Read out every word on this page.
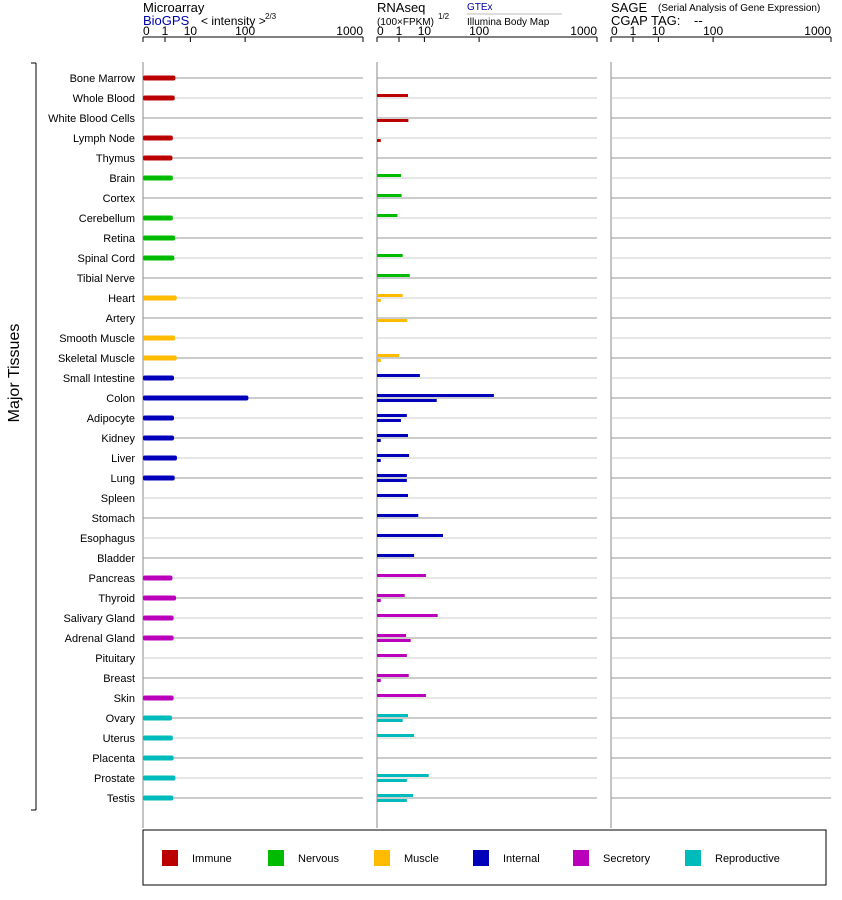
Microarray
BioGPS < intensity > 2/3
RNAseq
(100×FPKM)
1/2
GTEx
Illumina Body Map
SAGE (Serial Analysis of Gene Expression)
CGAP TAG: --
Major Tissues
0 1 10	100	1000 0 1 10	100	1000 0 1 10	100	1000
Bone Marrow
Whole Blood
White Blood Cells
Lymph Node
Thymus
Brain
Cortex
Cerebellum
Retina
Spinal Cord
Tibial Nerve
Heart
Artery
Smooth Muscle
Skeletal Muscle
Small Intestine
Colon
Adipocyte
Kidney
Liver
Lung
Spleen
Stomach
Esophagus
Bladder
Pancreas
Thyroid
Salivary Gland
Adrenal Gland
Pituitary
Breast
Skin
Ovary
Uterus
Placenta
Prostate
Testis
Immune	Nervous	Muscle	Internal	Secretory	Reproductive
